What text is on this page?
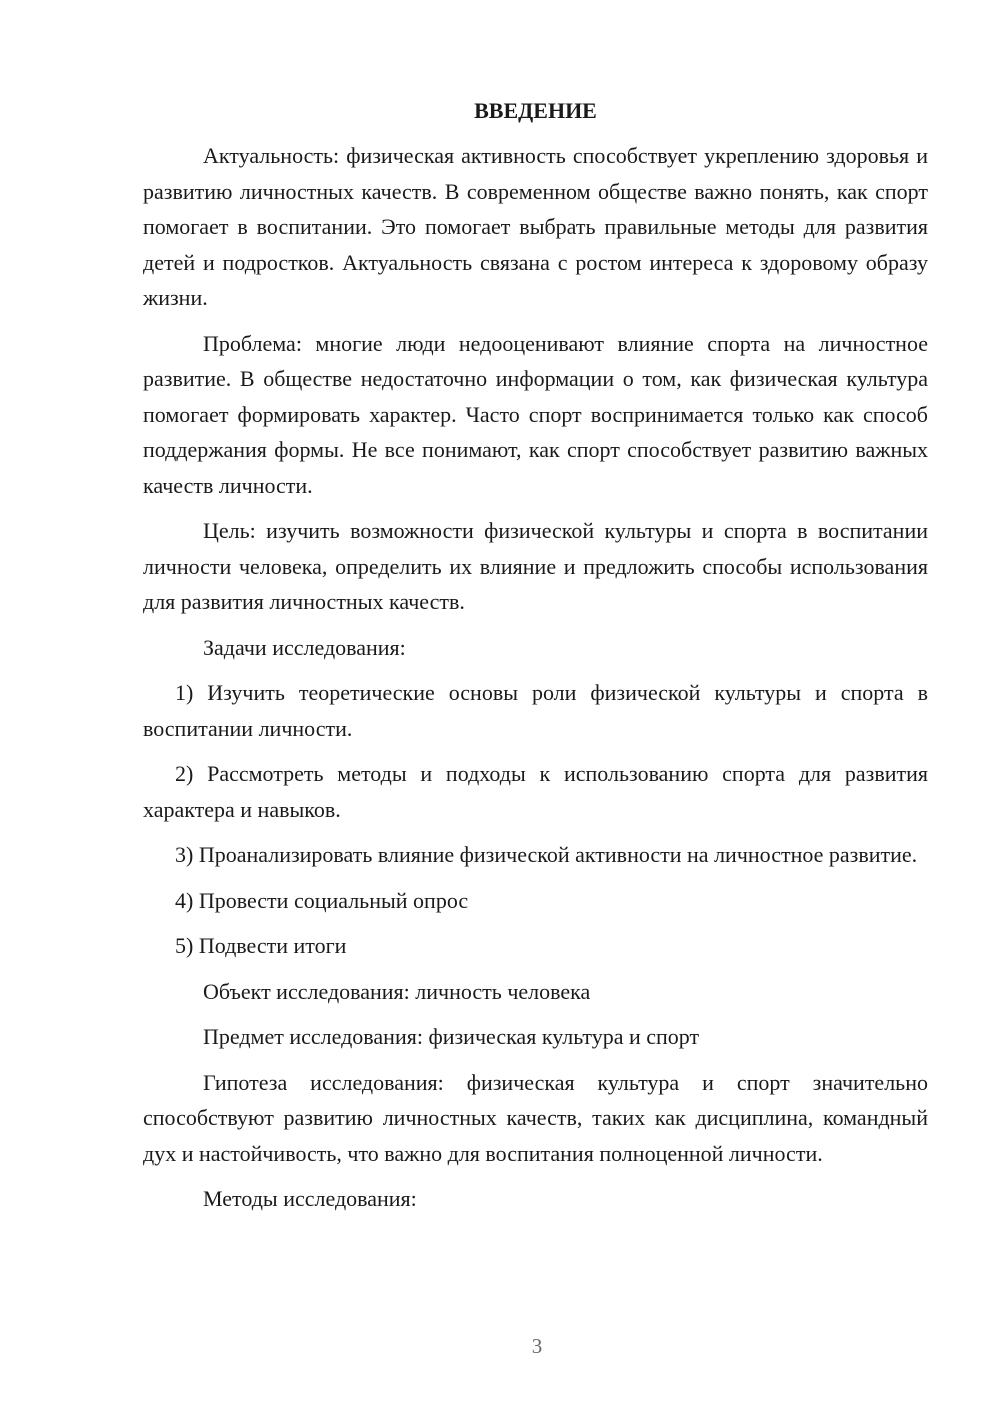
ВВЕДЕНИЕ

Актуальность: физическая активность способствует укреплению здоровья и развитию личностных качеств. В современном обществе важно понять, как спорт помогает в воспитании. Это помогает выбрать правильные методы для развития детей и подростков. Актуальность связана с ростом интереса к здоровому образу жизни.

Проблема: многие люди недооценивают влияние спорта на личностное развитие. В обществе недостаточно информации о том, как физическая культура помогает формировать характер. Часто спорт воспринимается только как способ поддержания формы. Не все понимают, как спорт способствует развитию важных качеств личности.

Цель: изучить возможности физической культуры и спорта в воспитании личности человека, определить их влияние и предложить способы использования для развития личностных качеств.

Задачи исследования:

1) Изучить теоретические основы роли физической культуры и спорта в воспитании личности.

2) Рассмотреть методы и подходы к использованию спорта для развития характера и навыков.

3) Проанализировать влияние физической активности на личностное развитие.

4) Провести социальный опрос

5) Подвести итоги

Объект исследования: личность человека

Предмет исследования: физическая культура и спорт

Гипотеза исследования: физическая культура и спорт значительно способствуют развитию личностных качеств, таких как дисциплина, командный дух и настойчивость, что важно для воспитания полноценной личности.

Методы исследования:

3
